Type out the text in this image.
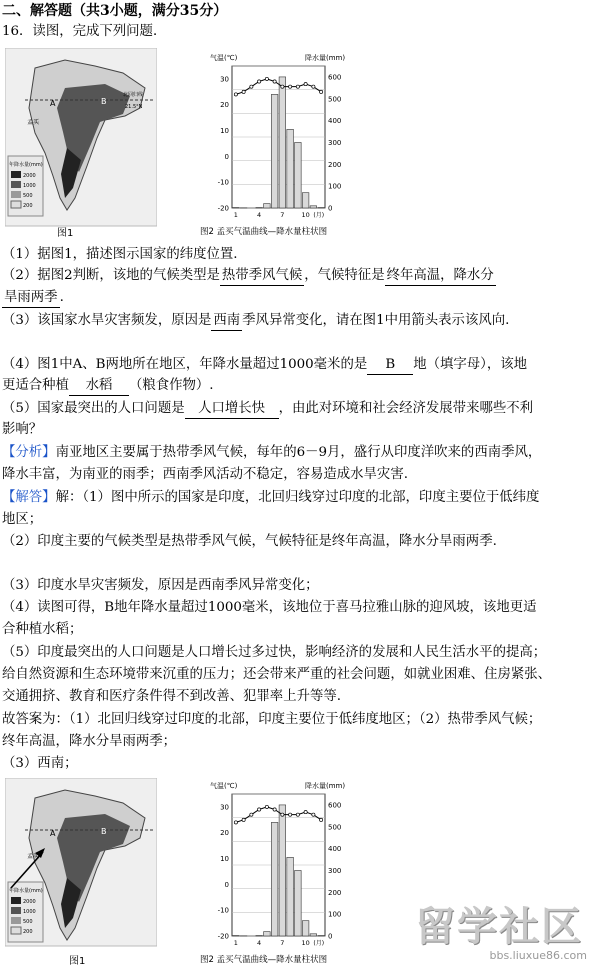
二、解答题（共3小题，满分35分）
16．读图，完成下列问题．
A	B
孟买
北回归线
21.5°N
年降水量(mm)
2000
1000
500
200
图1
30
20
10
0
-10
-20
600
500
400
300
200
100
0
1	4	7	10 (月)
气温(℃)	降水量(mm)
图2 孟买气温曲线—降水量柱状图
（1）据图1，描述图示国家的纬度位置.
（2）据图2判断，该地的气候类型是 热带季风气候 ，气候特征是 终年高温，降水分
旱雨两季 .
（3）该国家水旱灾害频发，原因是 西南 季风异常变化，请在图1中用箭头表示该风向.
（4）图1中A、B两地所在地区，年降水量超过1000毫米的是 B 地（填字母），该地
更适合种植 水稻 （粮食作物）.
（5）国家最突出的人口问题是 人口增长快 ，由此对环境和社会经济发展带来哪些不利
影响？
【分析】南亚地区主要属于热带季风气候，每年的6－9月，盛行从印度洋吹来的西南季风，
降水丰富，为南亚的雨季；西南季风活动不稳定，容易造成水旱灾害.
【解答】解：（1）图中所示的国家是印度，北回归线穿过印度的北部，印度主要位于低纬度
地区；
（2）印度主要的气候类型是热带季风气候，气候特征是终年高温，降水分旱雨两季.
（3）印度水旱灾害频发，原因是西南季风异常变化；
（4）读图可得，B地年降水量超过1000毫米，该地位于喜马拉雅山脉的迎风坡，该地更适
合种植水稻；
（5）印度最突出的人口问题是人口增长过多过快，影响经济的发展和人民生活水平的提高；
给自然资源和生态环境带来沉重的压力；还会带来严重的社会问题，如就业困难、住房紧张、
交通拥挤、教育和医疗条件得不到改善、犯罪率上升等等.
故答案为：（1）北回归线穿过印度的北部，印度主要位于低纬度地区；（2）热带季风气候；
终年高温，降水分旱雨两季；
（3）西南；
A	B
孟买
年降水量(mm)
2000
1000
500
200
图1
30
20
10
0
-10
-20
600
500
400
300
200
100
0
1	4	7	10 (月)
气温(℃)	降水量(mm)
图2 孟买气温曲线—降水量柱状图
留学社区
bbs.liuxue86.com
